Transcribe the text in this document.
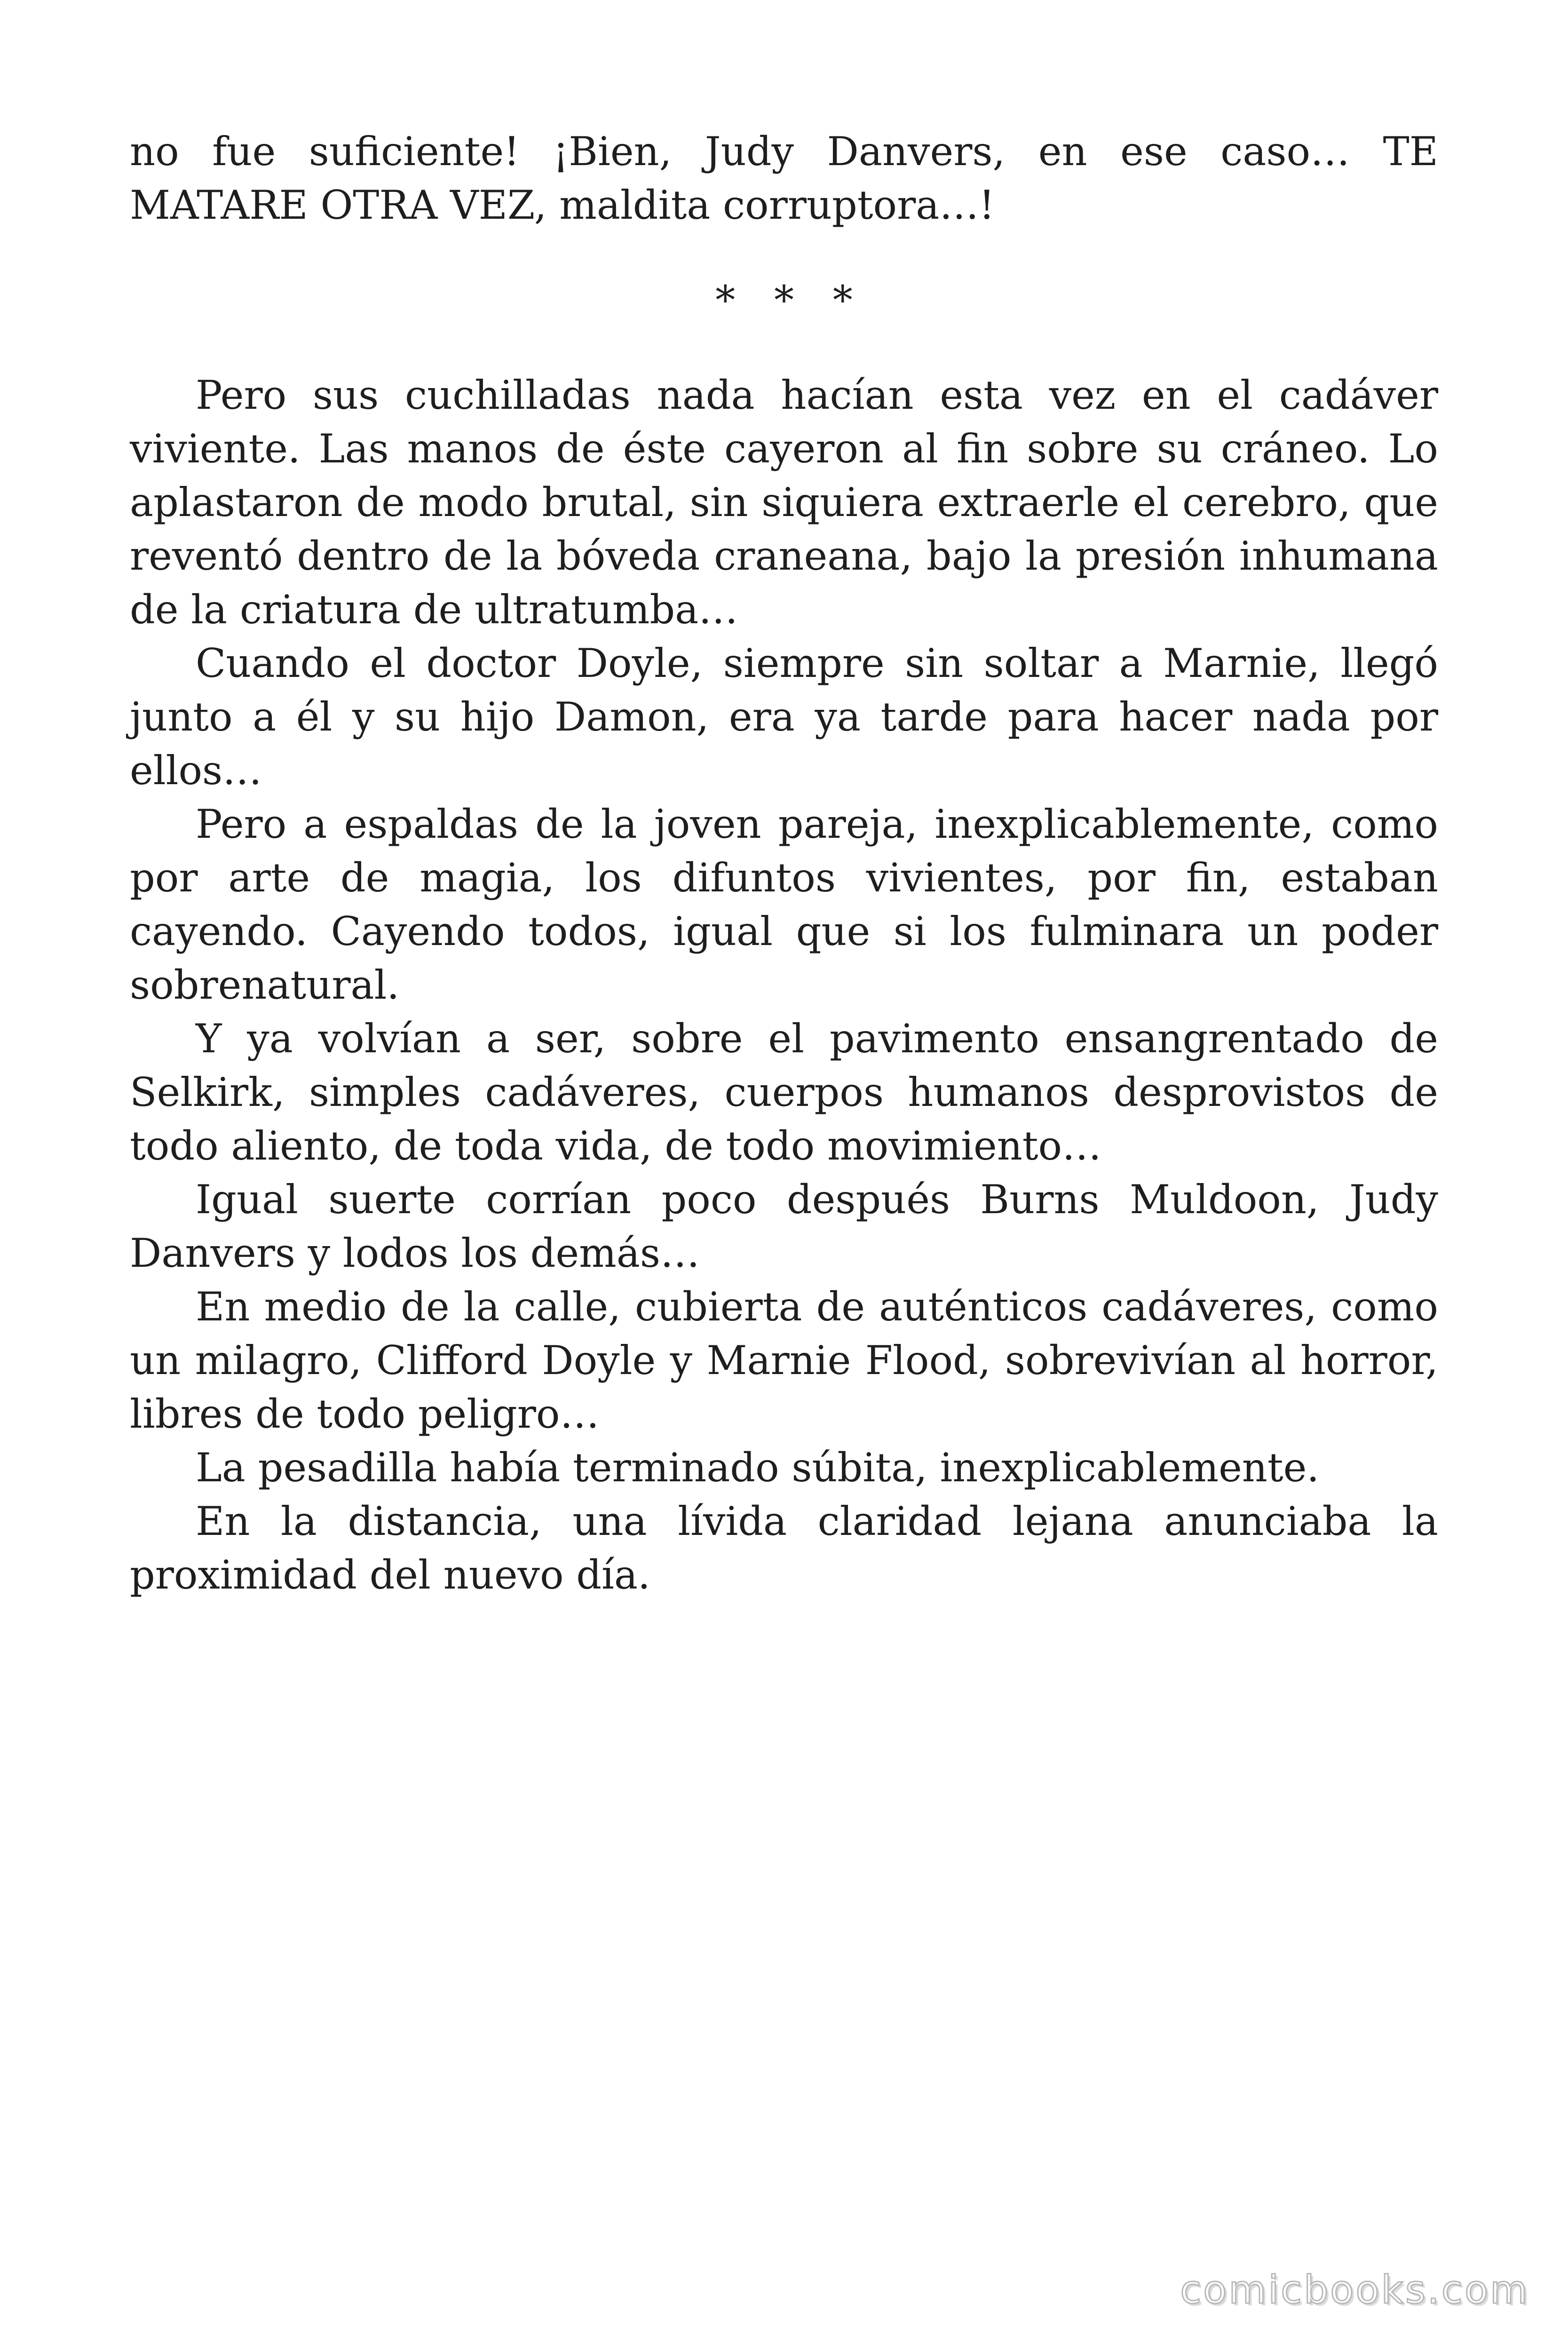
no fue suficiente! ¡Bien, Judy Danvers, en ese caso… TE MATARE OTRA VEZ, maldita corruptora…!

* * *

Pero sus cuchilladas nada hacían esta vez en el cadáver viviente. Las manos de éste cayeron al fin sobre su cráneo. Lo aplastaron de modo brutal, sin siquiera extraerle el cerebro, que reventó dentro de la bóveda craneana, bajo la presión inhumana de la criatura de ultratumba…

Cuando el doctor Doyle, siempre sin soltar a Marnie, llegó junto a él y su hijo Damon, era ya tarde para hacer nada por ellos…

Pero a espaldas de la joven pareja, inexplicablemente, como por arte de magia, los difuntos vivientes, por fin, estaban cayendo. Cayendo todos, igual que si los fulminara un poder sobrenatural.

Y ya volvían a ser, sobre el pavimento ensangrentado de Selkirk, simples cadáveres, cuerpos humanos desprovistos de todo aliento, de toda vida, de todo movimiento…

Igual suerte corrían poco después Burns Muldoon, Judy Danvers y lodos los demás…

En medio de la calle, cubierta de auténticos cadáveres, como un milagro, Clifford Doyle y Marnie Flood, sobrevivían al horror, libres de todo peligro…

La pesadilla había terminado súbita, inexplicablemente.

En la distancia, una lívida claridad lejana anunciaba la proximidad del nuevo día.

comicbooks.com
